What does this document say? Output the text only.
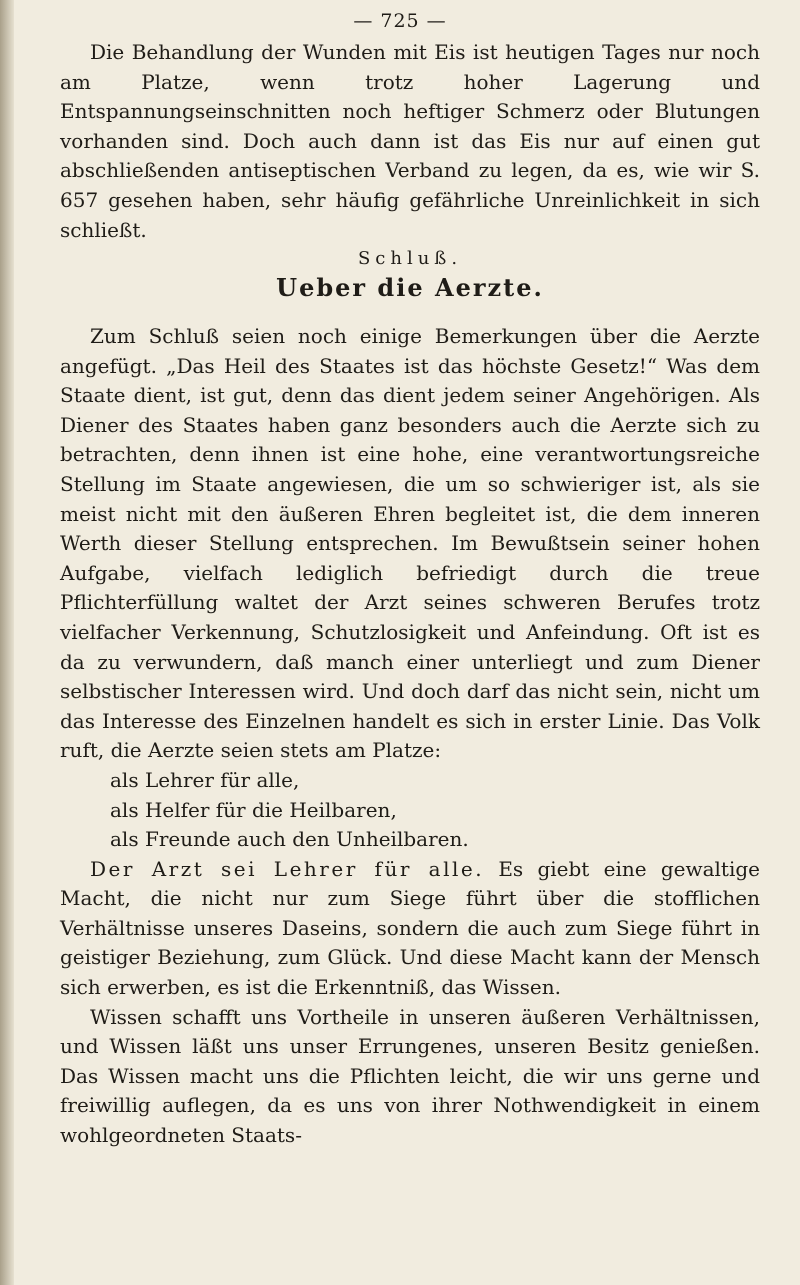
— 725 —

Die Behandlung der Wunden mit Eis ist heutigen Tages nur noch am Platze, wenn trotz hoher Lagerung und Entspannungseinschnitten noch heftiger Schmerz oder Blutungen vorhanden sind. Doch auch dann ist das Eis nur auf einen gut abschließenden antiseptischen Verband zu legen, da es, wie wir S. 657 gesehen haben, sehr häufig gefährliche Unreinlichkeit in sich schließt.

Schluß.
Ueber die Aerzte.

Zum Schluß seien noch einige Bemerkungen über die Aerzte angefügt. „Das Heil des Staates ist das höchste Gesetz!“ Was dem Staate dient, ist gut, denn das dient jedem seiner Angehörigen. Als Diener des Staates haben ganz besonders auch die Aerzte sich zu betrachten, denn ihnen ist eine hohe, eine verantwortungsreiche Stellung im Staate angewiesen, die um so schwieriger ist, als sie meist nicht mit den äußeren Ehren begleitet ist, die dem inneren Werth dieser Stellung entsprechen. Im Bewußtsein seiner hohen Aufgabe, vielfach lediglich befriedigt durch die treue Pflichterfüllung waltet der Arzt seines schweren Berufes trotz vielfacher Verkennung, Schutzlosigkeit und Anfeindung. Oft ist es da zu verwundern, daß manch einer unterliegt und zum Diener selbstischer Interessen wird. Und doch darf das nicht sein, nicht um das Interesse des Einzelnen handelt es sich in erster Linie. Das Volk ruft, die Aerzte seien stets am Platze:

als Lehrer für alle,
als Helfer für die Heilbaren,
als Freunde auch den Unheilbaren.

Der Arzt sei Lehrer für alle. Es giebt eine gewaltige Macht, die nicht nur zum Siege führt über die stofflichen Verhältnisse unseres Daseins, sondern die auch zum Siege führt in geistiger Beziehung, zum Glück. Und diese Macht kann der Mensch sich erwerben, es ist die Erkenntniß, das Wissen.

Wissen schafft uns Vortheile in unseren äußeren Verhältnissen, und Wissen läßt uns unser Errungenes, unseren Besitz genießen. Das Wissen macht uns die Pflichten leicht, die wir uns gerne und freiwillig auflegen, da es uns von ihrer Nothwendigkeit in einem wohlgeordneten Staats-
